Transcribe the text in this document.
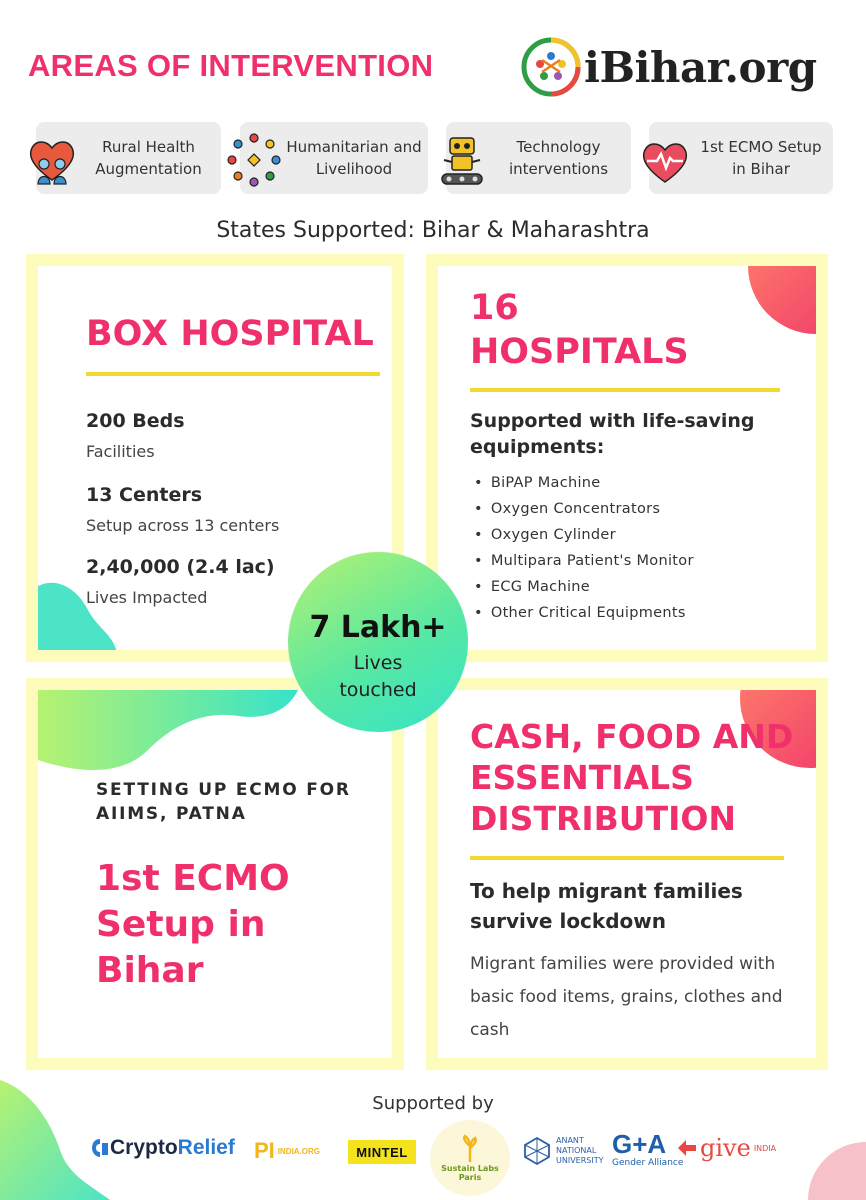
AREAS OF INTERVENTION	iBihar.org
Rural Health Augmentation
Humanitarian and Livelihood
Technology interventions
1st ECMO Setup in Bihar
States Supported: Bihar & Maharashtra
BOX HOSPITAL
200 Beds
Facilities
13 Centers
Setup across 13 centers
2,40,000 (2.4 lac)
Lives Impacted
16
HOSPITALS
Supported with life-saving equipments:
• BiPAP Machine
• Oxygen Concentrators
• Oxygen Cylinder
• Multipara Patient's Monitor
• ECG Machine
• Other Critical Equipments
SETTING UP ECMO FOR AIIMS, PATNA
1st ECMO Setup in Bihar
CASH, FOOD AND ESSENTIALS DISTRIBUTION
To help migrant families survive lockdown
Migrant families were provided with basic food items, grains, clothes and cash
7 Lakh+
Lives touched
Supported by
Crypto Relief PI INDIA.ORG	MINTEL
Sustain Labs Paris
ANANT NATIONAL UNIVERSITY
G+A
Gender Alliance
give INDIA
